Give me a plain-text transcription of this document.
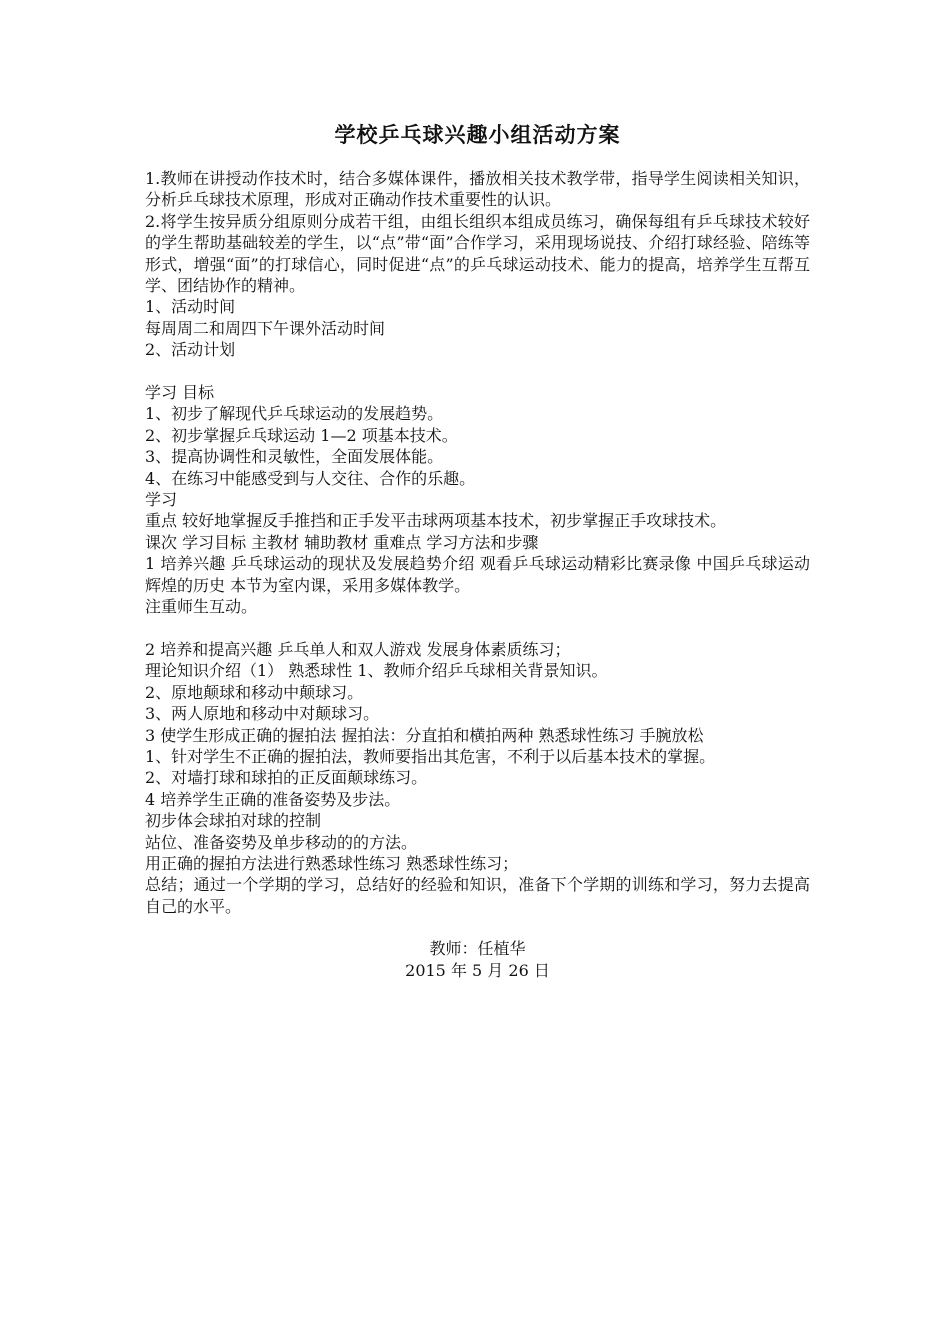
学校乒乓球兴趣小组活动方案

1.教师在讲授动作技术时，结合多媒体课件，播放相关技术教学带，指导学生阅读相关知识，分析乒乓球技术原理，形成对正确动作技术重要性的认识。

2.将学生按异质分组原则分成若干组，由组长组织本组成员练习，确保每组有乒乓球技术较好的学生帮助基础较差的学生，以“点”带“面”合作学习，采用现场说技、介绍打球经验、陪练等形式，增强“面”的打球信心，同时促进“点”的乒乓球运动技术、能力的提高，培养学生互帮互学、团结协作的精神。

1、活动时间

每周周二和周四下午课外活动时间

2、活动计划

学习 目标

1、初步了解现代乒乓球运动的发展趋势。

2、初步掌握乒乓球运动 1—2 项基本技术。

3、提高协调性和灵敏性，全面发展体能。

4、在练习中能感受到与人交往、合作的乐趣。

学习

重点 较好地掌握反手推挡和正手发平击球两项基本技术，初步掌握正手攻球技术。

课次 学习目标 主教材 辅助教材 重难点 学习方法和步骤

1 培养兴趣 乒乓球运动的现状及发展趋势介绍 观看乒乓球运动精彩比赛录像 中国乒乓球运动辉煌的历史 本节为室内课，采用多媒体教学。

注重师生互动。

2 培养和提高兴趣 乒乓单人和双人游戏 发展身体素质练习；

理论知识介绍（1） 熟悉球性 1、教师介绍乒乓球相关背景知识。

2、原地颠球和移动中颠球习。

3、两人原地和移动中对颠球习。

3 使学生形成正确的握拍法 握拍法：分直拍和横拍两种 熟悉球性练习 手腕放松

1、针对学生不正确的握拍法，教师要指出其危害，不利于以后基本技术的掌握。

2、对墙打球和球拍的正反面颠球练习。

4 培养学生正确的准备姿势及步法。

初步体会球拍对球的控制

站位、准备姿势及单步移动的的方法。

用正确的握拍方法进行熟悉球性练习 熟悉球性练习；

总结；通过一个学期的学习，总结好的经验和知识，准备下个学期的训练和学习，努力去提高自己的水平。

教师：任植华

2015 年 5 月 26 日
